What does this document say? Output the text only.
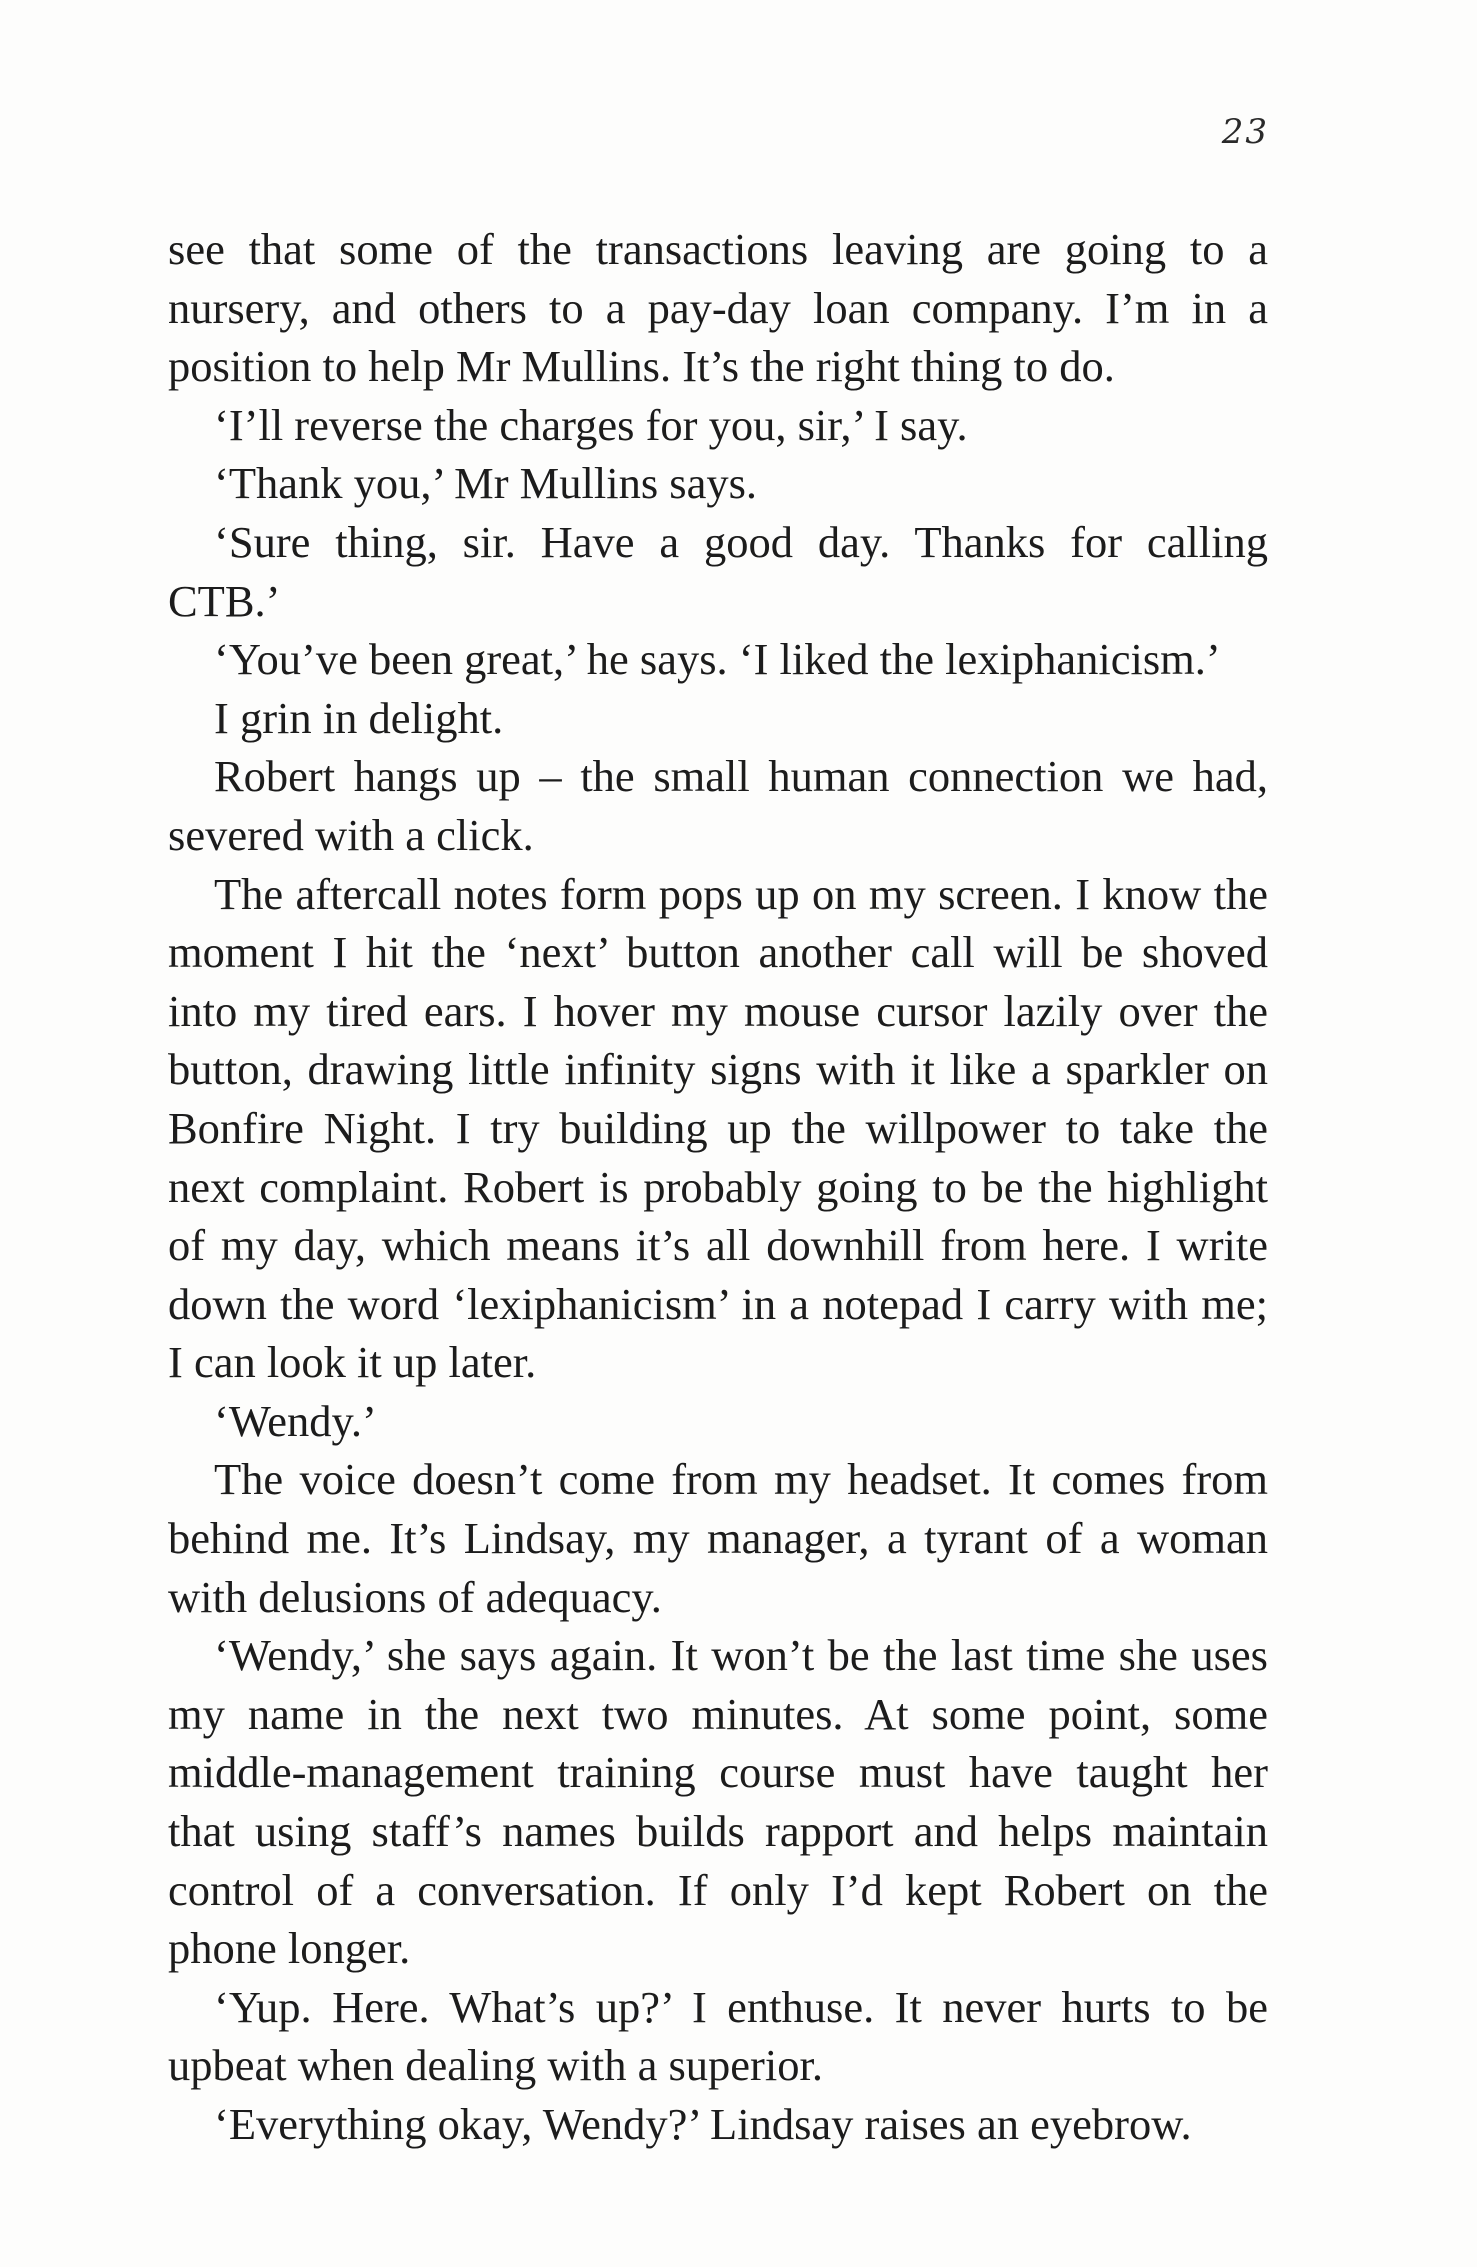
23

see that some of the transactions leaving are going to a nursery, and others to a pay-day loan company. I’m in a position to help Mr Mullins. It’s the right thing to do.

‘I’ll reverse the charges for you, sir,’ I say.

‘Thank you,’ Mr Mullins says.

‘Sure thing, sir. Have a good day. Thanks for calling CTB.’

‘You’ve been great,’ he says. ‘I liked the lexiphanicism.’

I grin in delight.

Robert hangs up – the small human connection we had, severed with a click.

The aftercall notes form pops up on my screen. I know the moment I hit the ‘next’ button another call will be shoved into my tired ears. I hover my mouse cursor lazily over the button, drawing little infinity signs with it like a sparkler on Bonfire Night. I try building up the willpower to take the next complaint. Robert is probably going to be the highlight of my day, which means it’s all downhill from here. I write down the word ‘lexiphanicism’ in a notepad I carry with me; I can look it up later.

‘Wendy.’

The voice doesn’t come from my headset. It comes from behind me. It’s Lindsay, my manager, a tyrant of a woman with delusions of adequacy.

‘Wendy,’ she says again. It won’t be the last time she uses my name in the next two minutes. At some point, some middle-management training course must have taught her that using staff’s names builds rapport and helps maintain control of a conversation. If only I’d kept Robert on the phone longer.

‘Yup. Here. What’s up?’ I enthuse. It never hurts to be upbeat when dealing with a superior.

‘Everything okay, Wendy?’ Lindsay raises an eyebrow.
